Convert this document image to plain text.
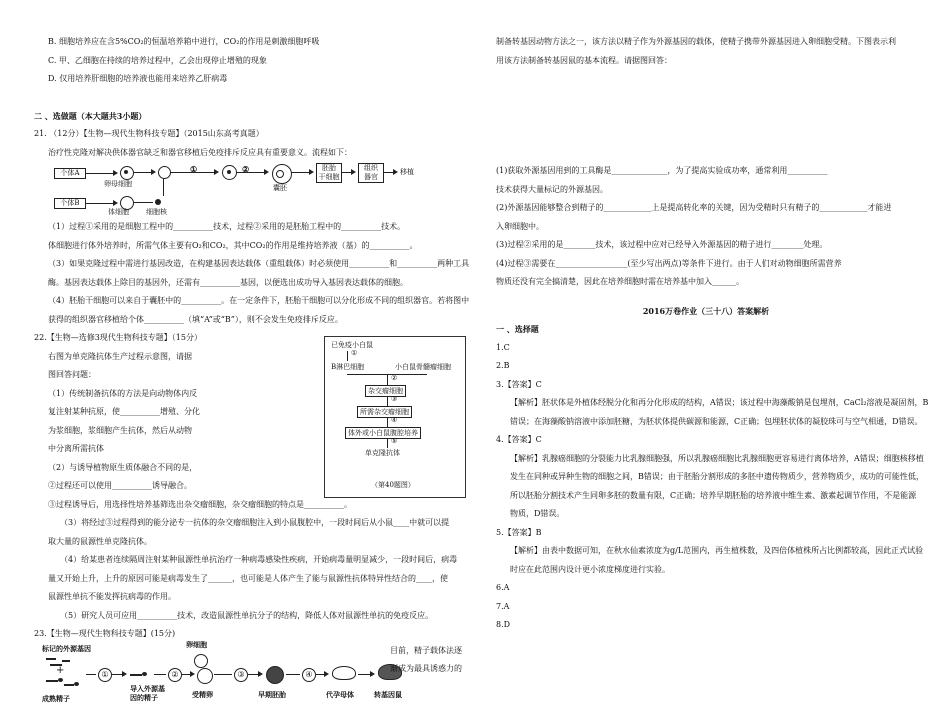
B. 细胞培养应在含5%CO₂的恒温培养箱中进行，CO₂的作用是刺激细胞呼吸

C. 甲、乙细胞在持续的培养过程中，乙会出现停止增殖的现象

D. 仅用培养肝细胞的培养液也能用来培养乙肝病毒

二 、选做题（本大题共3小题）

21. （12分）【生物—现代生物科技专题】（2015山东高考真题）

治疗性克隆对解决供体器官缺乏和器官移植后免疫排斥反应具有重要意义。流程如下：

个体A
个体B
卵母细胞
体细胞 细胞核
①	②
囊胚
胚胎
干细胞
组织
器官
移植

（1）过程①采用的是细胞工程中的__________技术，过程②采用的是胚胎工程中的__________技术。

体细胞进行体外培养时，所需气体主要有O₂和CO₂，其中CO₂的作用是维持培养液（基）的__________。

（3）如果克隆过程中需进行基因改造，在构建基因表达载体（重组载体）时必须使用__________和__________两种工具

酶。基因表达载体上除目的基因外，还需有__________基因，以便选出成功导入基因表达载体的细胞。

（4）胚胎干细胞可以来自于囊胚中的__________。在一定条件下，胚胎干细胞可以分化形成不同的组织器官。若将图中

获得的组织器官移植给个体__________（填“A”或“B”），则不会发生免疫排斥反应。

22.【生物—选修3现代生物科技专题】（15分）

右图为单克隆抗体生产过程示意图，请据

图回答问题：

（1）传统制备抗体的方法是向动物体内反

复注射某种抗原，使__________增殖、分化

为浆细胞，浆细胞产生抗体，然后从动物

中分离所需抗体

（2）与诱导植物原生质体融合不同的是，

②过程还可以使用__________诱导融合。

已免疫小白鼠
①
B淋巴细胞	小白鼠骨髓瘤细胞
②
杂交瘤细胞
③
所需杂交瘤细胞
④
体外或小白鼠腹腔培养
⑤
单克隆抗体
（第40题图）

③过程诱导后，用选择性培养基筛选出杂交瘤细胞，杂交瘤细胞的特点是__________。

（3）将经过③过程得到的能分泌专一抗体的杂交瘤细胞注入到小鼠腹腔中，一段时间后从小鼠____中就可以提

取大量的鼠源性单克隆抗体。

（4）给某患者连续隔周注射某种鼠源性单抗治疗一种病毒感染性疾病，开始病毒量明显减少，一段时间后，病毒

量又开始上升，上升的原因可能是病毒发生了______，也可能是人体产生了能与鼠源性抗体特异性结合的____，使

鼠源性单抗不能发挥抗病毒的作用。

（5）研究人员可应用__________技术，改造鼠源性单抗分子的结构，降低人体对鼠源性单抗的免疫反应。

23.【生物—现代生物科技专题】(15分)

标记的外源基因	卵细胞
+
成熟精子
①
导入外源基
因的精子
②
受精卵
③
早期胚胎
④
代孕母体	转基因鼠
目前，精子载体法逐
渐成为最具诱惑力的

制备转基因动物方法之一，该方法以精子作为外源基因的载体，使精子携带外源基因进入卵细胞受精。下图表示利

用该方法制备转基因鼠的基本流程。请据图回答：

(1)获取外源基因用到的工具酶是______________，为了提高实验成功率，通常利用__________

技术获得大量标记的外源基因。

(2)外源基因能够整合到精子的____________上是提高转化率的关键，因为受精时只有精子的____________才能进

入卵细胞中。

(3)过程②采用的是________技术，该过程中应对已经导入外源基因的精子进行________处理。

(4)过程③需要在__________________(至少写出两点)等条件下进行。由于人们对动物细胞所需营养

物质还没有完全搞清楚，因此在培养细胞时需在培养基中加入______。

2016万卷作业（三十八）答案解析

一 、选择题

1.C

2.B

3.【答案】C

【解析】胚状体是外植体经脱分化和再分化形成的结构，A错误；该过程中海藻酸钠是包埋剂，CaCl₂溶液是凝固剂，B

错误；在海藻酸钠溶液中添加胚糖，为胚状体提供碳源和能源，C正确；包埋胚状体的凝胶珠可与空气相通，D错误。

4.【答案】C

【解析】乳腺癌细胞的分裂能力比乳腺细胞强，所以乳腺癌细胞比乳腺细胞更容易进行离体培养，A错误；细胞核移植

发生在同种或异种生物的细胞之间，B错误；由于胚胎分割形成的多胚中遗传物质少，营养物质少，成功的可能性低，

所以胚胎分割技术产生同卵多胚的数量有限，C正确；培养早期胚胎的培养液中维生素、激素起调节作用，不是能源

物质，D错误。

5.【答案】B

【解析】由表中数据可知，在秋水仙素浓度为g/L范围内，再生植株数，及四倍体植株所占比例都较高，因此正式试验

时应在此范围内设计更小浓度梯度进行实验。

6.A

7.A

8.D
